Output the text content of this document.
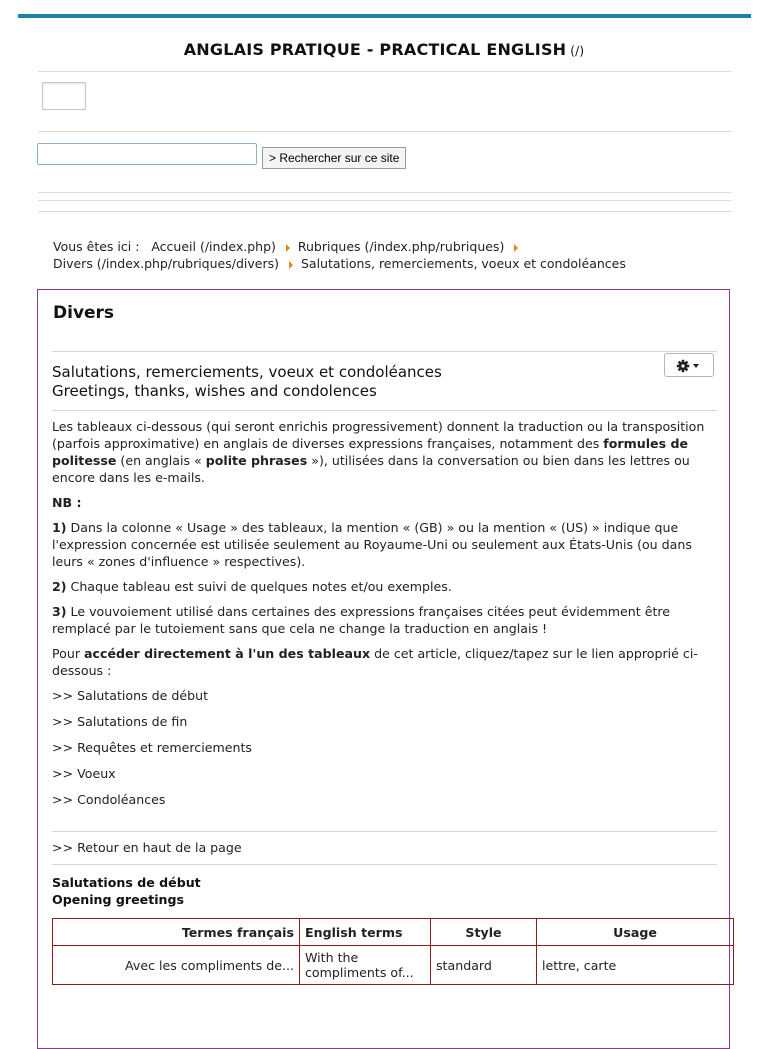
ANGLAIS PRATIQUE - PRACTICAL ENGLISH (/)
> Rechercher sur ce site
Vous êtes ici : Accueil (/index.php) Rubriques (/index.php/rubriques)
Divers (/index.php/rubriques/divers) Salutations, remerciements, voeux et condoléances
Divers
Salutations, remerciements, voeux et condoléances
Greetings, thanks, wishes and condolences

Les tableaux ci-dessous (qui seront enrichis progressivement) donnent la traduction ou la transposition (parfois approximative) en anglais de diverses expressions françaises, notamment des formules de politesse (en anglais « polite phrases »), utilisées dans la conversation ou bien dans les lettres ou encore dans les e-mails.

NB :

1) Dans la colonne « Usage » des tableaux, la mention « (GB) » ou la mention « (US) » indique que l'expression concernée est utilisée seulement au Royaume-Uni ou seulement aux États-Unis (ou dans leurs « zones d'influence » respectives).

2) Chaque tableau est suivi de quelques notes et/ou exemples.

3) Le vouvoiement utilisé dans certaines des expressions françaises citées peut évidemment être remplacé par le tutoiement sans que cela ne change la traduction en anglais !

Pour accéder directement à l'un des tableaux de cet article, cliquez/tapez sur le lien approprié ci-dessous :

>> Salutations de début

>> Salutations de fin

>> Requêtes et remerciements

>> Voeux

>> Condoléances

>> Retour en haut de la page
Salutations de début
Opening greetings
Termes français	English terms	Style	Usage
Avec les compliments de...	With the compliments of...	standard	lettre, carte
